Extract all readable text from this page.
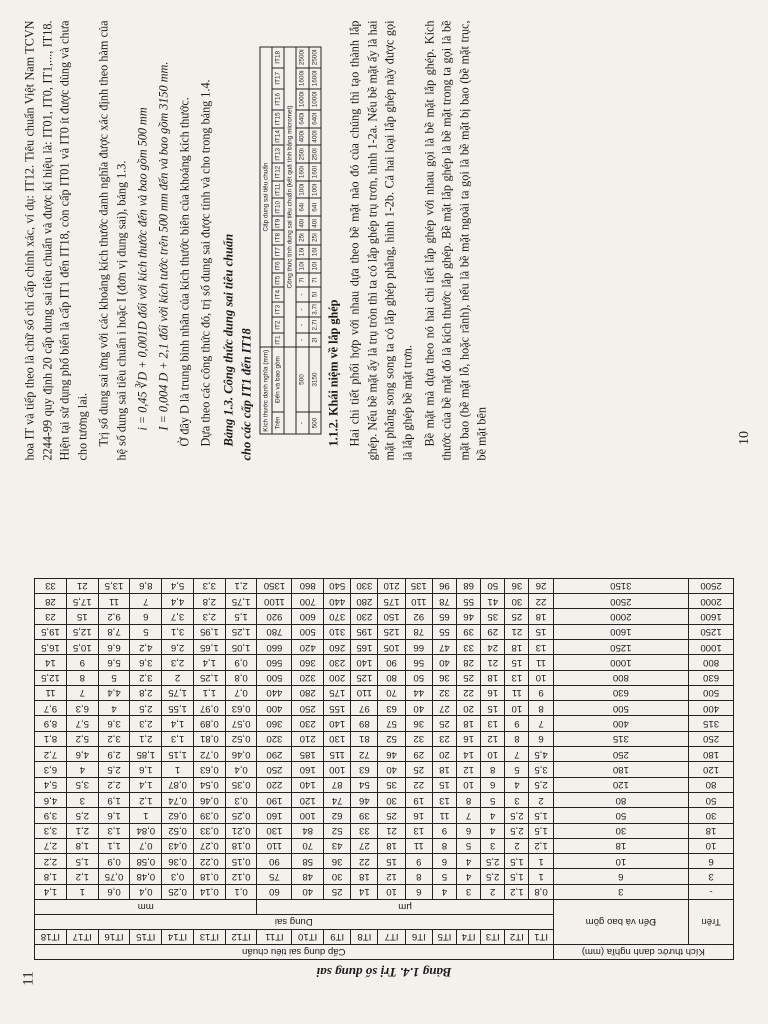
hoa IT và tiếp theo là chữ số chỉ cấp chính xác, ví dụ: IT12. Tiêu chuẩn Việt Nam TCVN 2244-99 quy định 20 cấp dung sai tiêu chuẩn và được kí hiệu là: IT01, IT0, IT1,..., IT18. Hiện tại sử dụng phổ biến là cấp IT1 đến IT18, còn cấp IT01 và IT0 ít được dùng và chưa cho tương lai. Trị số dung sai ứng với các khoảng kích thước danh nghĩa được xác định theo hàm của hệ số dung sai tiêu chuẩn i hoặc I (đơn vị dung sai), bảng 1.3. i = 0,45 ∛D + 0,001D đối với kích thước đến và bao gồm 500 mm I = 0,004 D + 2,1 đối với kích tước trên 500 mm đến và bao gồm 3150 mm. Ở đây D là trung bình nhân của kích thước biên của khoảng kích thước. Dựa theo các công thức đó, trị số dung sai được tính và cho trong bảng 1.4. Bảng 1.3. Công thức dung sai tiêu chuẩn cho các cấp IT1 đến IT18	Kích thước danh nghĩa (mm)		Cấp dung sai tiêu chuẩn																	
Trên	Đến và bao gồm	IT1	IT2	IT3	IT4	IT5	IT6	IT7	IT8	IT9	IT10	IT11	IT12	IT13	IT14	IT15	IT16	IT17	IT18
		Công thức tính dung sai tiêu chuẩn (kết quả tính bằng micromet)																	
-	500	-	-	-	-	7i	10i	16i	25i	40i	64i	100i	160i	250i	400i	640i	1000i	1600i	2500i
500	3150	2I	2,7I	3,7I	5I	7I	10I	16I	25I	40I	64I	100I	160I	250I	400I	640I	1000I	1600I	2500I

1.1.2. Khái niệm về lắp ghép Hai chi tiết phối hợp với nhau dựa theo bề mặt nào đó của chúng thì tạo thành lắp ghép. Nếu bề mặt ấy là trụ tròn thì ta có lắp ghép trụ trơn, hình 1-2a. Nếu bề mặt ấy là hai mặt phẳng song song ta có lắp ghép phẳng, hình 1-2b. Cả hai loại lắp ghép này được gọi là lắp ghép bề mặt trơn. Bề mặt mà dựa theo nó hai chi tiết lắp ghép với nhau gọi là bề mặt lắp ghép. Kích thước của bề mặt đó là kích thước lắp ghép. Bề mặt lắp ghép là bề mặt trong ta gọi là bề mặt bao (bề mặt lỗ, hoặc rãnh), nếu là bề mặt ngoài ta gọi là bề mặt bị bao (bề mặt trục, bề mặt bên	10
Bảng 1.4. Trị số dung sai
Kích thước danh nghĩa (mm)		Cấp dung sai tiêu chuẩn																	
Trên	Đến và bao gồm	IT1	IT2	IT3	IT4	IT5	IT6	IT7	IT8	IT9	IT10	IT11	IT12	IT13	IT14	IT15	IT16	IT17	IT18
		Dung sai																	
		μm											mm						
-	3	0,8	1,2	2	3	4	6	10	14	25	40	60	0,1	0,14	0,25	0,4	0,6	1	1,4
3	6	1	1,5	2,5	4	5	8	12	18	30	48	75	0,12	0,18	0,3	0,48	0,75	1,2	1,8
6	10	1	1,5	2,5	4	6	9	15	22	36	58	90	0,15	0,22	0,36	0,58	0,9	1,5	2,2
10	18	1,2	2	3	5	8	11	18	27	43	70	110	0,18	0,27	0,43	0,7	1,1	1,8	2,7
18	30	1,5	2,5	4	6	9	13	21	33	52	84	130	0,21	0,33	0,52	0,84	1,3	2,1	3,3
30	50	1,5	2,5	4	7	11	16	25	39	62	100	160	0,25	0,39	0,62	1	1,6	2,5	3,9
50	80	2	3	5	8	13	19	30	46	74	120	190	0,3	0,46	0,74	1,2	1,9	3	4,6
80	120	2,5	4	6	10	15	22	35	54	87	140	220	0,35	0,54	0,87	1,4	2,2	3,5	5,4
120	180	3,5	5	8	12	18	25	40	63	100	160	250	0,4	0,63	1	1,6	2,5	4	6,3
180	250	4,5	7	10	14	20	29	46	72	115	185	290	0,46	0,72	1,15	1,85	2,9	4,6	7,2
250	315	6	8	12	16	23	32	52	81	130	210	320	0,52	0,81	1,3	2,1	3,2	5,2	8,1
315	400	7	9	13	18	25	36	57	89	140	230	360	0,57	0,89	1,4	2,3	3,6	5,7	8,9
400	500	8	10	15	20	27	40	63	97	155	250	400	0,63	0,97	1,55	2,5	4	6,3	9,7
500	630	9	11	16	22	32	44	70	110	175	280	440	0,7	1,1	1,75	2,8	4,4	7	11
630	800	10	13	18	25	36	50	80	125	200	320	500	0,8	1,25	2	3,2	5	8	12,5
800	1000	11	15	21	28	40	56	90	140	230	360	560	0,9	1,4	2,3	3,6	5,6	9	14
1000	1250	13	18	24	33	47	66	105	165	260	420	660	1,05	1,65	2,6	4,2	6,6	10,5	16,5
1250	1600	15	21	29	39	55	78	125	195	310	500	780	1,25	1,95	3,1	5	7,8	12,5	19,5
1600	2000	18	25	35	46	65	92	150	230	370	600	920	1,5	2,3	3,7	6	9,2	15	23
2000	2500	22	30	41	55	78	110	175	280	440	700	1100	1,75	2,8	4,4	7	11	17,5	28
2500	3150	26	36	50	68	96	135	210	330	540	860	1350	2,1	3,3	5,4	8,6	13,5	21	33
11
